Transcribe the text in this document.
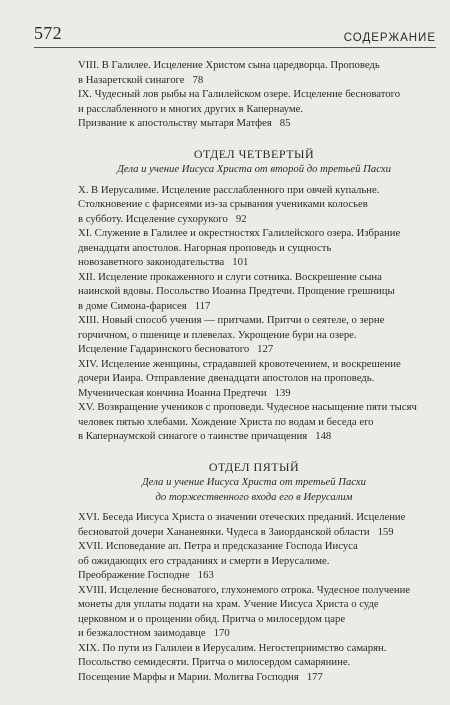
572	СОДЕРЖАНИЕ
VIII. В Галилее. Исцеление Христом сына царедворца. Проповедь
в Назаретской синагоге 78
IX. Чудесный лов рыбы на Галилейском озере. Исцеление бесноватого
и расслабленного и многих других в Капернауме.
Призвание к апостольству мытаря Матфея 85
ОТДЕЛ ЧЕТВЕРТЫЙ
Дела и учение Иисуса Христа от второй до третьей Пасхи
X. В Иерусалиме. Исцеление расслабленного при овчей купальне.
Столкновение с фарисеями из-за срывания учениками колосьев
в субботу. Исцеление сухорукого 92
XI. Служение в Галилее и окрестностях Галилейского озера. Избрание
двенадцати апостолов. Нагорная проповедь и сущность
новозаветного законодательства 101
XII. Исцеление прокаженного и слуги сотника. Воскрешение сына
наинской вдовы. Посольство Иоанна Предтечи. Прощение грешницы
в доме Симона-фарисея 117
XIII. Новый способ учения — притчами. Притчи о сеятеле, о зерне
горчичном, о пшенице и плевелах. Укрощение бури на озере.
Исцеление Гадаринского бесноватого 127
XIV. Исцеление женщины, страдавшей кровотечением, и воскрешение
дочери Иаира. Отправление двенадцати апостолов на проповедь.
Мученическая кончина Иоанна Предтечи 139
XV. Возвращение учеников с проповеди. Чудесное насыщение пяти тысяч
человек пятью хлебами. Хождение Христа по водам и беседа его
в Капернаумской синагоге о таинстве причащения 148
ОТДЕЛ ПЯТЫЙ
Дела и учение Иисуса Христа от третьей Пасхи
до торжественного входа его в Иерусалим
XVI. Беседа Иисуса Христа о значении отеческих преданий. Исцеление
бесноватой дочери Хананеянки. Чудеса в Заиорданской области 159
XVII. Исповедание ап. Петра и предсказание Господа Иисуса
об ожидающих его страданиях и смерти в Иерусалиме.
Преображение Господне 163
XVIII. Исцеление бесноватого, глухонемого отрока. Чудесное получение
монеты для уплаты подати на храм. Учение Иисуса Христа о суде
церковном и о прощении обид. Притча о милосердом царе
и безжалостном заимодавце 170
XIX. По пути из Галилеи в Иерусалим. Негостеприимство самарян.
Посольство семидесяти. Притча о милосердом самарянине.
Посещение Марфы и Марии. Молитва Господня 177
